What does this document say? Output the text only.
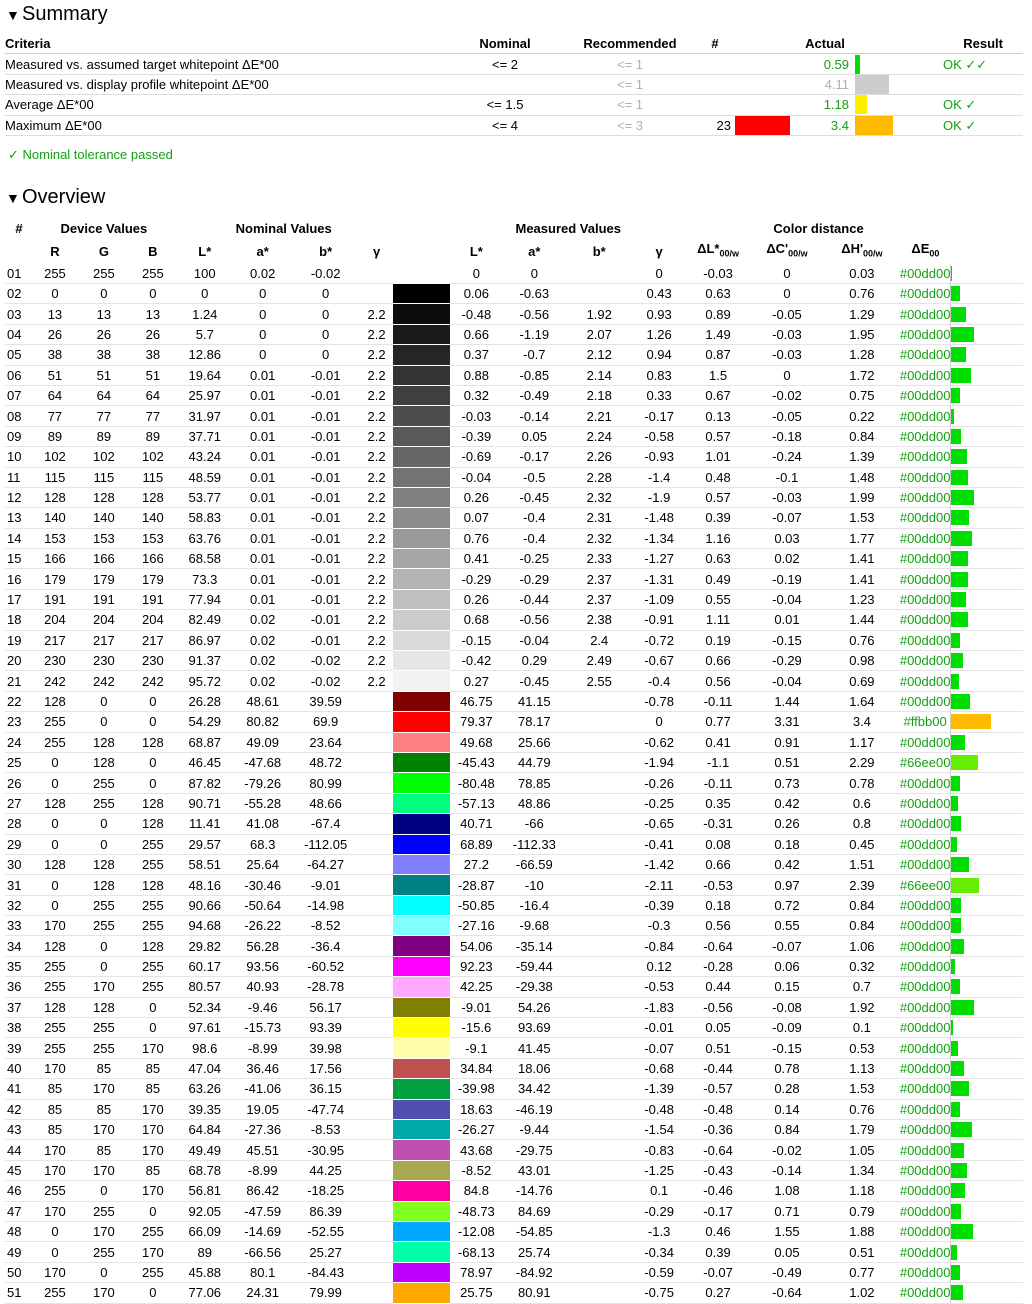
▼ Summary
Criteria	Nominal	Recommended	#		Actual		Result
Measured vs. assumed target whitepoint ΔE*00	<= 2	<= 1			0.59		OK ✓✓
Measured vs. display profile whitepoint ΔE*00		<= 1			4.11	

Average ΔE*00	<= 1.5	<= 1			1.18		OK ✓
Maximum ΔE*00	<= 4	<= 3	23		3.4		OK ✓
✓ Nominal tolerance passed
▼ Overview
#	Device Values			Nominal Values					Measured Values				Color distance				
	R	G	B	L*	a*	b*	γ		L*	a*	b*	γ	$\Delta L*_{00/w}$	$\Delta C'_{00/w}$	$\Delta H'_{00/w}$	$\Delta E_{00}$	
01	255	255	255	100	0.02	-0.02			0	0		0	-0.03	0	0.03	#00dd00	

02	0	0	0	0	0	0			0.06	-0.63		0.43	0.63	0	0.76	#00dd00	

03	13	13	13	1.24	0	0	2.2		-0.48	-0.56	1.92	0.93	0.89	-0.05	1.29	#00dd00	

04	26	26	26	5.7	0	0	2.2		0.66	-1.19	2.07	1.26	1.49	-0.03	1.95	#00dd00	

05	38	38	38	12.86	0	0	2.2		0.37	-0.7	2.12	0.94	0.87	-0.03	1.28	#00dd00	

06	51	51	51	19.64	0.01	-0.01	2.2		0.88	-0.85	2.14	0.83	1.5	0	1.72	#00dd00	

07	64	64	64	25.97	0.01	-0.01	2.2		0.32	-0.49	2.18	0.33	0.67	-0.02	0.75	#00dd00	

08	77	77	77	31.97	0.01	-0.01	2.2		-0.03	-0.14	2.21	-0.17	0.13	-0.05	0.22	#00dd00	

09	89	89	89	37.71	0.01	-0.01	2.2		-0.39	0.05	2.24	-0.58	0.57	-0.18	0.84	#00dd00	

10	102	102	102	43.24	0.01	-0.01	2.2		-0.69	-0.17	2.26	-0.93	1.01	-0.24	1.39	#00dd00	

11	115	115	115	48.59	0.01	-0.01	2.2		-0.04	-0.5	2.28	-1.4	0.48	-0.1	1.48	#00dd00	

12	128	128	128	53.77	0.01	-0.01	2.2		0.26	-0.45	2.32	-1.9	0.57	-0.03	1.99	#00dd00	

13	140	140	140	58.83	0.01	-0.01	2.2		0.07	-0.4	2.31	-1.48	0.39	-0.07	1.53	#00dd00	

14	153	153	153	63.76	0.01	-0.01	2.2		0.76	-0.4	2.32	-1.34	1.16	0.03	1.77	#00dd00	

15	166	166	166	68.58	0.01	-0.01	2.2		0.41	-0.25	2.33	-1.27	0.63	0.02	1.41	#00dd00	

16	179	179	179	73.3	0.01	-0.01	2.2		-0.29	-0.29	2.37	-1.31	0.49	-0.19	1.41	#00dd00	

17	191	191	191	77.94	0.01	-0.01	2.2		0.26	-0.44	2.37	-1.09	0.55	-0.04	1.23	#00dd00	

18	204	204	204	82.49	0.02	-0.01	2.2		0.68	-0.56	2.38	-0.91	1.11	0.01	1.44	#00dd00	

19	217	217	217	86.97	0.02	-0.01	2.2		-0.15	-0.04	2.4	-0.72	0.19	-0.15	0.76	#00dd00	

20	230	230	230	91.37	0.02	-0.02	2.2		-0.42	0.29	2.49	-0.67	0.66	-0.29	0.98	#00dd00	

21	242	242	242	95.72	0.02	-0.02	2.2		0.27	-0.45	2.55	-0.4	0.56	-0.04	0.69	#00dd00	

22	128	0	0	26.28	48.61	39.59			46.75	41.15		-0.78	-0.11	1.44	1.64	#00dd00	

23	255	0	0	54.29	80.82	69.9			79.37	78.17		0	0.77	3.31	3.4	#ffbb00	

24	255	128	128	68.87	49.09	23.64			49.68	25.66		-0.62	0.41	0.91	1.17	#00dd00	

25	0	128	0	46.45	-47.68	48.72			-45.43	44.79		-1.94	-1.1	0.51	2.29	#66ee00	

26	0	255	0	87.82	-79.26	80.99			-80.48	78.85		-0.26	-0.11	0.73	0.78	#00dd00	

27	128	255	128	90.71	-55.28	48.66			-57.13	48.86		-0.25	0.35	0.42	0.6	#00dd00	

28	0	0	128	11.41	41.08	-67.4			40.71	-66		-0.65	-0.31	0.26	0.8	#00dd00	

29	0	0	255	29.57	68.3	-112.05			68.89	-112.33		-0.41	0.08	0.18	0.45	#00dd00	

30	128	128	255	58.51	25.64	-64.27			27.2	-66.59		-1.42	0.66	0.42	1.51	#00dd00	

31	0	128	128	48.16	-30.46	-9.01			-28.87	-10		-2.11	-0.53	0.97	2.39	#66ee00	

32	0	255	255	90.66	-50.64	-14.98			-50.85	-16.4		-0.39	0.18	0.72	0.84	#00dd00	

33	170	255	255	94.68	-26.22	-8.52			-27.16	-9.68		-0.3	0.56	0.55	0.84	#00dd00	

34	128	0	128	29.82	56.28	-36.4			54.06	-35.14		-0.84	-0.64	-0.07	1.06	#00dd00	

35	255	0	255	60.17	93.56	-60.52			92.23	-59.44		0.12	-0.28	0.06	0.32	#00dd00	

36	255	170	255	80.57	40.93	-28.78			42.25	-29.38		-0.53	0.44	0.15	0.7	#00dd00	

37	128	128	0	52.34	-9.46	56.17			-9.01	54.26		-1.83	-0.56	-0.08	1.92	#00dd00	

38	255	255	0	97.61	-15.73	93.39			-15.6	93.69		-0.01	0.05	-0.09	0.1	#00dd00	

39	255	255	170	98.6	-8.99	39.98			-9.1	41.45		-0.07	0.51	-0.15	0.53	#00dd00	

40	170	85	85	47.04	36.46	17.56			34.84	18.06		-0.68	-0.44	0.78	1.13	#00dd00	

41	85	170	85	63.26	-41.06	36.15			-39.98	34.42		-1.39	-0.57	0.28	1.53	#00dd00	

42	85	85	170	39.35	19.05	-47.74			18.63	-46.19		-0.48	-0.48	0.14	0.76	#00dd00	

43	85	170	170	64.84	-27.36	-8.53			-26.27	-9.44		-1.54	-0.36	0.84	1.79	#00dd00	

44	170	85	170	49.49	45.51	-30.95			43.68	-29.75		-0.83	-0.64	-0.02	1.05	#00dd00	

45	170	170	85	68.78	-8.99	44.25			-8.52	43.01		-1.25	-0.43	-0.14	1.34	#00dd00	

46	255	0	170	56.81	86.42	-18.25			84.8	-14.76		0.1	-0.46	1.08	1.18	#00dd00	

47	170	255	0	92.05	-47.59	86.39			-48.73	84.69		-0.29	-0.17	0.71	0.79	#00dd00	

48	0	170	255	66.09	-14.69	-52.55			-12.08	-54.85		-1.3	0.46	1.55	1.88	#00dd00	

49	0	255	170	89	-66.56	25.27			-68.13	25.74		-0.34	0.39	0.05	0.51	#00dd00	

50	170	0	255	45.88	80.1	-84.43			78.97	-84.92		-0.59	-0.07	-0.49	0.77	#00dd00	

51	255	170	0	77.06	24.31	79.99			25.75	80.91		-0.75	0.27	-0.64	1.02	#00dd00	
